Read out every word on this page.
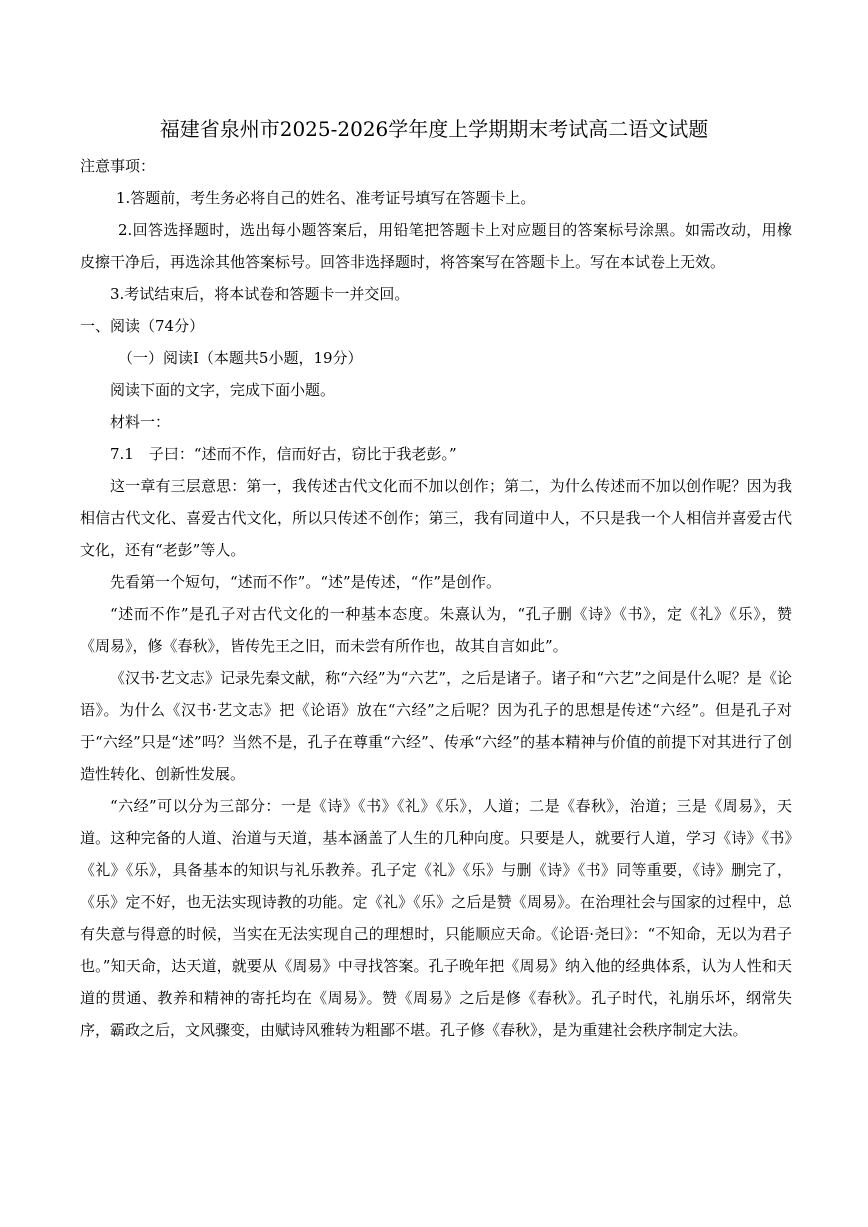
福建省泉州市2025-2026学年度上学期期末考试高二语文试题

注意事项：

1.答题前，考生务必将自己的姓名、准考证号填写在答题卡上。

2.回答选择题时，选出每小题答案后，用铅笔把答题卡上对应题目的答案标号涂黑。如需改动，用橡皮擦干净后，再选涂其他答案标号。回答非选择题时，将答案写在答题卡上。写在本试卷上无效。

3.考试结束后，将本试卷和答题卡一并交回。

一、阅读（74分）

（一）阅读Ⅰ（本题共5小题，19分）

阅读下面的文字，完成下面小题。

材料一：

7.1　子曰：“述而不作，信而好古，窃比于我老彭。”

这一章有三层意思：第一，我传述古代文化而不加以创作；第二，为什么传述而不加以创作呢？因为我相信古代文化、喜爱古代文化，所以只传述不创作；第三，我有同道中人，不只是我一个人相信并喜爱古代文化，还有“老彭”等人。

先看第一个短句，“述而不作”。“述”是传述，“作”是创作。

“述而不作”是孔子对古代文化的一种基本态度。朱熹认为，“孔子删《诗》《书》，定《礼》《乐》，赞《周易》，修《春秋》，皆传先王之旧，而未尝有所作也，故其自言如此”。

《汉书·艺文志》记录先秦文献，称“六经”为“六艺”，之后是诸子。诸子和“六艺”之间是什么呢？是《论语》。为什么《汉书·艺文志》把《论语》放在“六经”之后呢？因为孔子的思想是传述“六经”。但是孔子对于“六经”只是“述”吗？当然不是，孔子在尊重“六经”、传承“六经”的基本精神与价值的前提下对其进行了创造性转化、创新性发展。

“六经”可以分为三部分：一是《诗》《书》《礼》《乐》，人道；二是《春秋》，治道；三是《周易》，天道。这种完备的人道、治道与天道，基本涵盖了人生的几种向度。只要是人，就要行人道，学习《诗》《书》《礼》《乐》，具备基本的知识与礼乐教养。孔子定《礼》《乐》与删《诗》《书》同等重要，《诗》删完了，《乐》定不好，也无法实现诗教的功能。定《礼》《乐》之后是赞《周易》。在治理社会与国家的过程中，总有失意与得意的时候，当实在无法实现自己的理想时，只能顺应天命。《论语·尧曰》：“不知命，无以为君子也。”知天命，达天道，就要从《周易》中寻找答案。孔子晚年把《周易》纳入他的经典体系，认为人性和天道的贯通、教养和精神的寄托均在《周易》。赞《周易》之后是修《春秋》。孔子时代，礼崩乐坏，纲常失序，霸政之后，文风骤变，由赋诗风雅转为粗鄙不堪。孔子修《春秋》，是为重建社会秩序制定大法。
